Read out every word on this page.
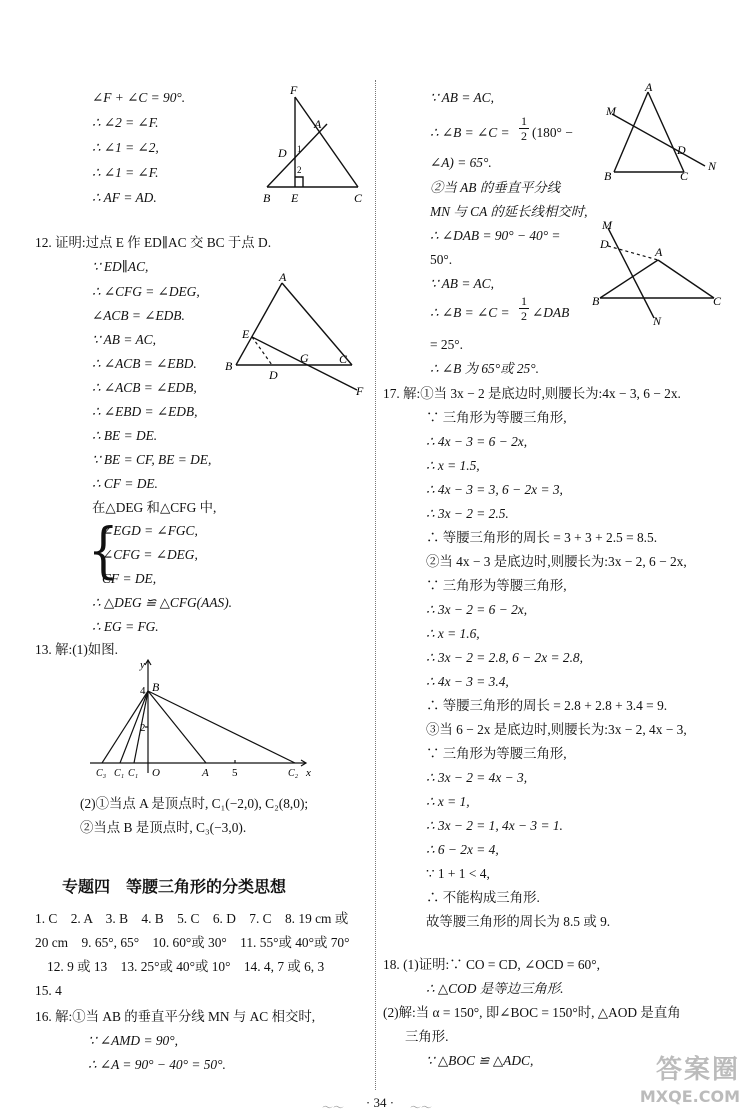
∠F + ∠C = 90°.
∴ ∠2 = ∠F.
∴ ∠1 = ∠2,
∴ ∠1 = ∠F.
∴ AF = AD.
F
A
D 1
2
B E	C
12. 证明:过点 E 作 ED∥AC 交 BC 于点 D.
∵ ED∥AC,
∴ ∠CFG = ∠DEG,
∠ACB = ∠EDB.
∵ AB = AC,
∴ ∠ACB = ∠EBD.
∴ ∠ACB = ∠EDB,
∴ ∠EBD = ∠EDB,
∴ BE = DE.
∵ BE = CF, BE = DE,
∴ CF = DE.
在△DEG 和△CFG 中,
{
∠EGD = ∠FGC,
∠CFG = ∠DEG,
CF = DE,
∴ △DEG ≌ △CFG(AAS).
∴ EG = FG.
A
E
B
D
G	C
F
13. 解:(1)如图.
y
4 B
2
C₃ C₁ C₁ O	A 5	C₂ x
(2)①当点 A 是顶点时, C₁(−2,0), C₂(8,0);
②当点 B 是顶点时, C₃(−3,0).
专题四　等腰三角形的分类思想
1. C　2. A　3. B　4. B　5. C　6. D　7. C　8. 19 cm 或
20 cm　9. 65°, 65°　10. 60°或 30°　11. 55°或 40°或 70°
12. 9 或 13　13. 25°或 40°或 10°　14. 4, 7 或 6, 3
15. 4
16. 解:①当 AB 的垂直平分线 MN 与 AC 相交时,
∵ ∠AMD = 90°,
∴ ∠A = 90° − 40° = 50°.
∵ AB = AC,
∴ ∠B = ∠C = $\frac{1}{2} (180^\circ$ −
∠A) = 65°.
②当 AB 的垂直平分线
MN 与 CA 的延长线相交时,
∴ ∠DAB = 90° − 40° =
50°.
∵ AB = AC,
∴ ∠B = ∠C = $\frac{1}{2}$ ∠DAB
= 25°.
∴ ∠B 为 65°或 25°.
M
A
D
N
B	C
M
D
A
B	C
N
17. 解:①当 3x − 2 是底边时,则腰长为:4x − 3, 6 − 2x.
∵ 三角形为等腰三角形,
∴ 4x − 3 = 6 − 2x,
∴ x = 1.5,
∴ 4x − 3 = 3, 6 − 2x = 3,
∴ 3x − 2 = 2.5.
∴ 等腰三角形的周长 = 3 + 3 + 2.5 = 8.5.
②当 4x − 3 是底边时,则腰长为:3x − 2, 6 − 2x,
∵ 三角形为等腰三角形,
∴ 3x − 2 = 6 − 2x,
∴ x = 1.6,
∴ 3x − 2 = 2.8, 6 − 2x = 2.8,
∴ 4x − 3 = 3.4,
∴ 等腰三角形的周长 = 2.8 + 2.8 + 3.4 = 9.
③当 6 − 2x 是底边时,则腰长为:3x − 2, 4x − 3,
∵ 三角形为等腰三角形,
∴ 3x − 2 = 4x − 3,
∴ x = 1,
∴ 3x − 2 = 1, 4x − 3 = 1.
∴ 6 − 2x = 4,
∵ 1 + 1 < 4,
∴ 不能构成三角形.
故等腰三角形的周长为 8.5 或 9.
18. (1)证明:∵ CO = CD, ∠OCD = 60°,
∴ △COD 是等边三角形.
(2)解:当 α = 150°, 即∠BOC = 150°时, △AOD 是直角
三角形.
∵ △BOC ≌ △ADC,
～～	· 34 ·	～～
答案圈
MXQE.COM
